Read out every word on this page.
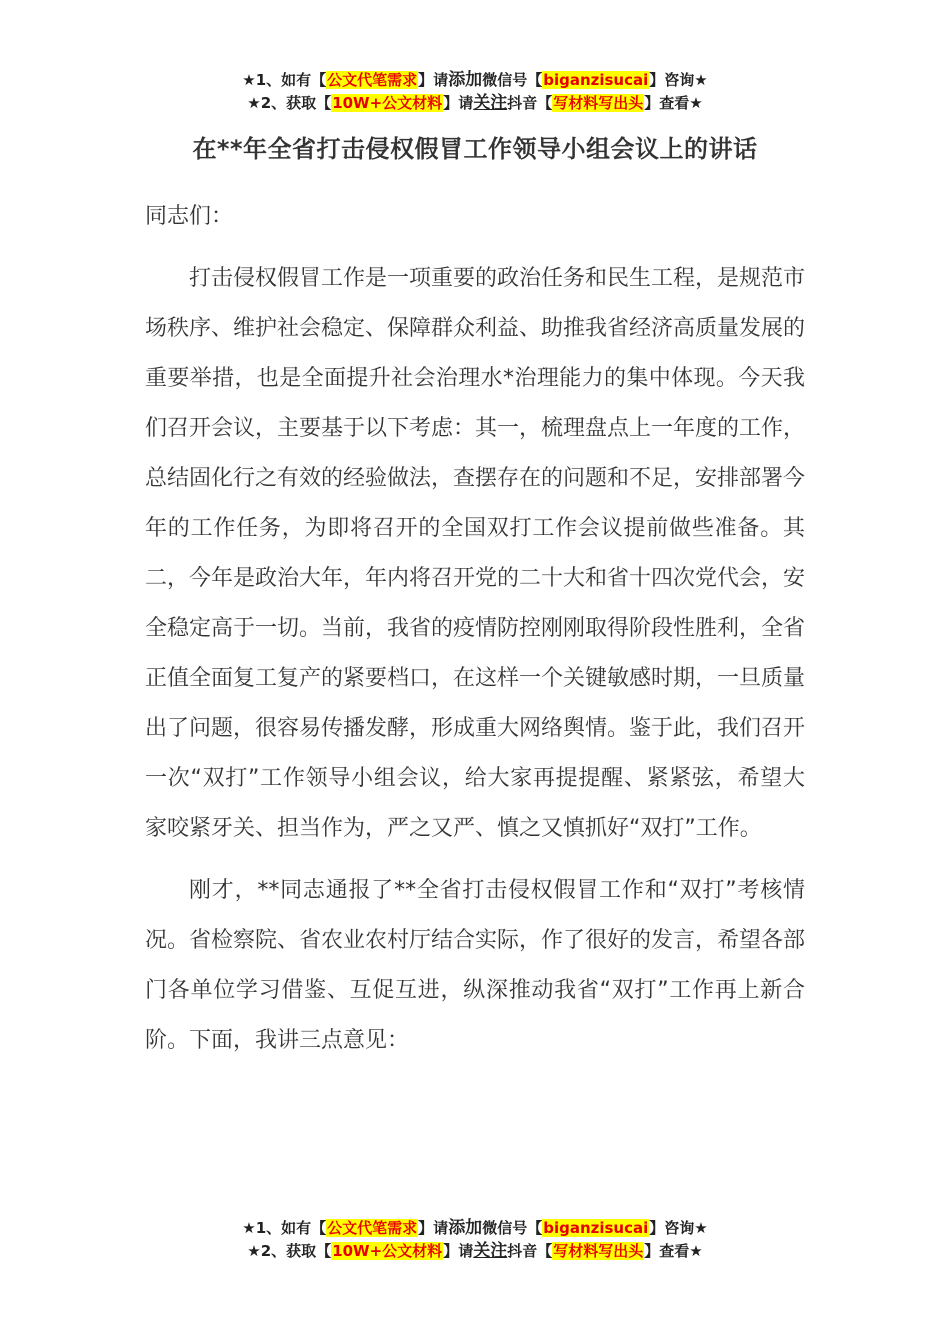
★1、如有【公文代笔需求】请添加微信号【biganzisucai】咨询★
★2、获取【10W+公文材料】请关注抖音【写材料写出头】查看★
在**年全省打击侵权假冒工作领导小组会议上的讲话

同志们：

打击侵权假冒工作是一项重要的政治任务和民生工程，是规范市场秩序、维护社会稳定、保障群众利益、助推我省经济高质量发展的重要举措，也是全面提升社会治理水*治理能力的集中体现。今天我们召开会议，主要基于以下考虑：其一，梳理盘点上一年度的工作，总结固化行之有效的经验做法，查摆存在的问题和不足，安排部署今年的工作任务，为即将召开的全国双打工作会议提前做些准备。其二，今年是政治大年，年内将召开党的二十大和省十四次党代会，安全稳定高于一切。当前，我省的疫情防控刚刚取得阶段性胜利，全省正值全面复工复产的紧要档口，在这样一个关键敏感时期，一旦质量出了问题，很容易传播发酵，形成重大网络舆情。鉴于此，我们召开一次“双打”工作领导小组会议，给大家再提提醒、紧紧弦，希望大家咬紧牙关、担当作为，严之又严、慎之又慎抓好“双打”工作。

刚才，**同志通报了**全省打击侵权假冒工作和“双打”考核情况。省检察院、省农业农村厅结合实际，作了很好的发言，希望各部门各单位学习借鉴、互促互进，纵深推动我省“双打”工作再上新合阶。下面，我讲三点意见：

★1、如有【公文代笔需求】请添加微信号【biganzisucai】咨询★
★2、获取【10W+公文材料】请关注抖音【写材料写出头】查看★
